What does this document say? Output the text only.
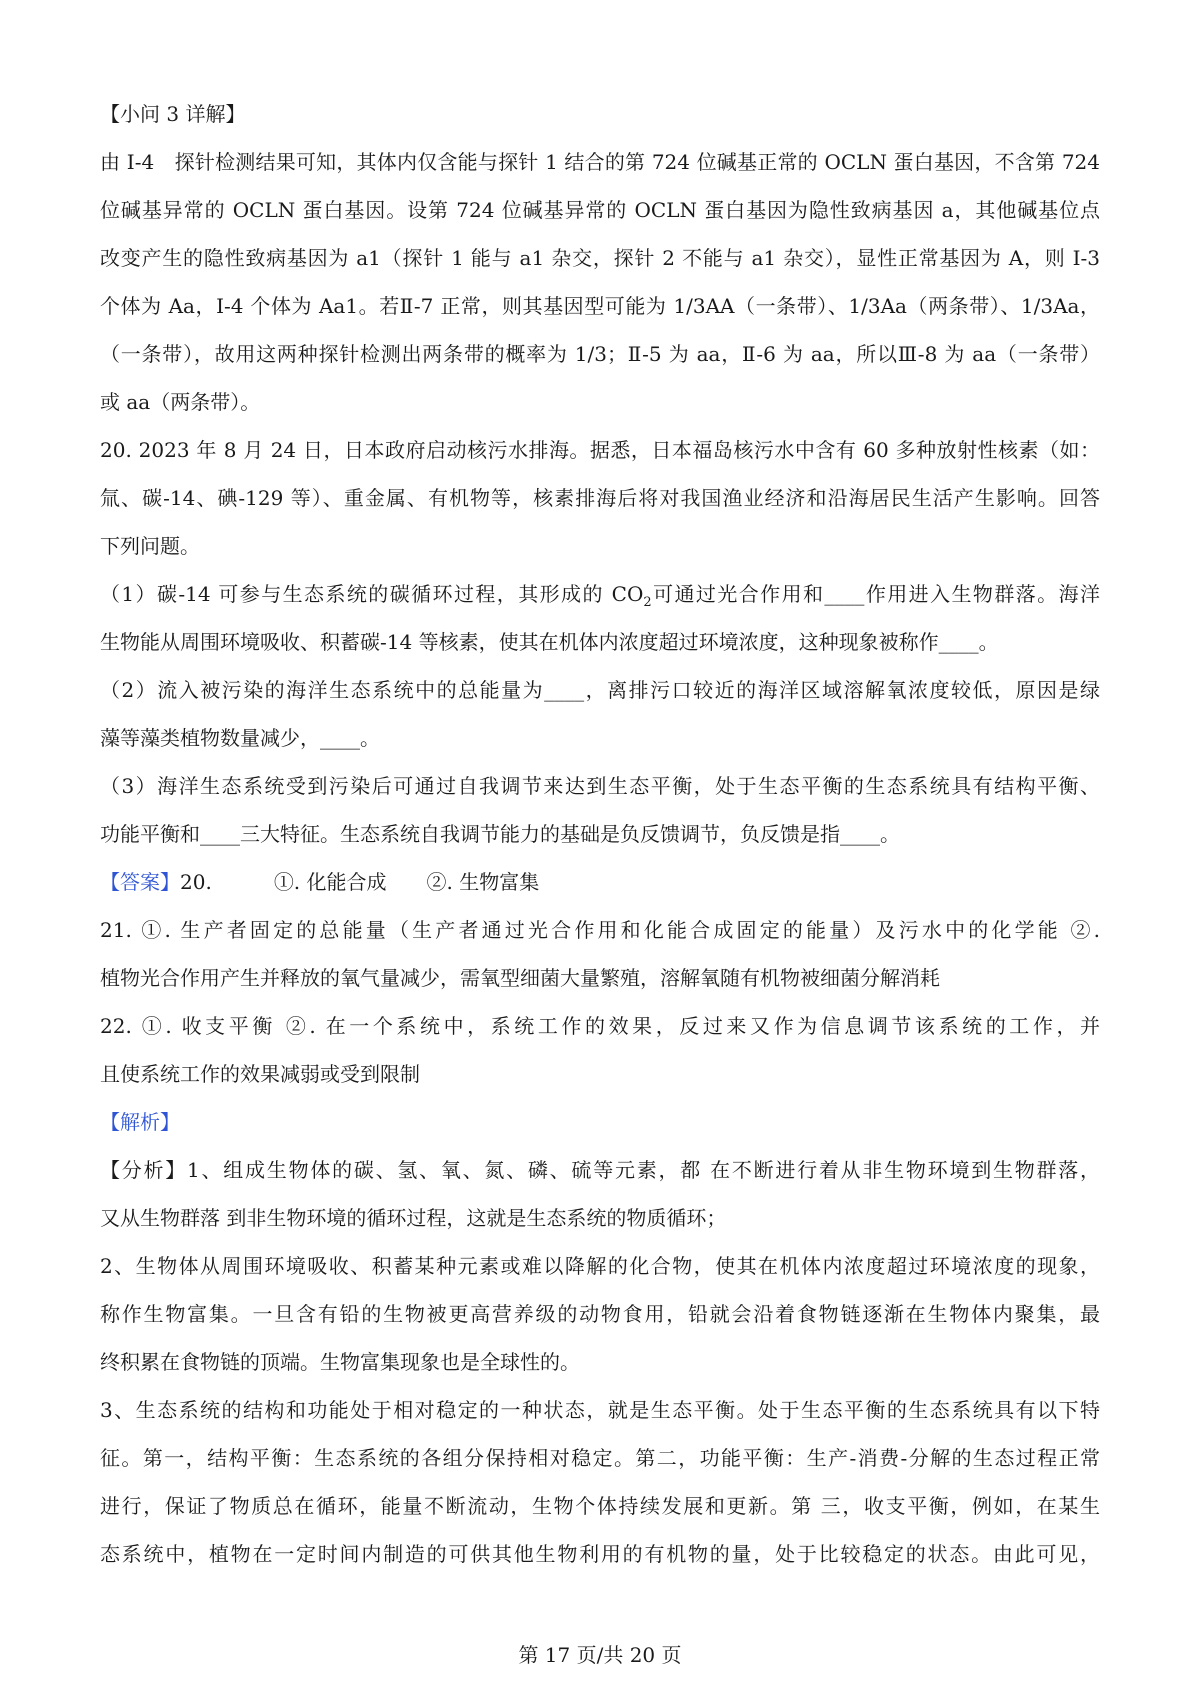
【小问 3 详解】
由 I-4　探针检测结果可知，其体内仅含能与探针 1 结合的第 724 位碱基正常的 OCLN 蛋白基因，不含第 724
位碱基异常的 OCLN 蛋白基因。设第 724 位碱基异常的 OCLN 蛋白基因为隐性致病基因 a，其他碱基位点
改变产生的隐性致病基因为 a1（探针 1 能与 a1 杂交，探针 2 不能与 a1 杂交），显性正常基因为 A，则 I-3
个体为 Aa，I-4 个体为 Aa1。若Ⅱ-7 正常，则其基因型可能为 1/3AA（一条带）、1/3Aa（两条带）、1/3Aa，
（一条带），故用这两种探针检测出两条带的概率为 1/3；Ⅱ-5 为 aa，Ⅱ-6 为 aa，所以Ⅲ-8 为 aa（一条带）
或 aa（两条带）。
20. 2023 年 8 月 24 日，日本政府启动核污水排海。据悉，日本福岛核污水中含有 60 多种放射性核素（如：
氚、碳-14、碘-129 等）、重金属、有机物等，核素排海后将对我国渔业经济和沿海居民生活产生影响。回答
下列问题。
（1）碳-14 可参与生态系统的碳循环过程，其形成的 $CO_2$可通过光合作用和____作用进入生物群落。海洋
生物能从周围环境吸收、积蓄碳-14 等核素，使其在机体内浓度超过环境浓度，这种现象被称作____。
（2）流入被污染的海洋生态系统中的总能量为____，离排污口较近的海洋区域溶解氧浓度较低，原因是绿
藻等藻类植物数量减少，____。
（3）海洋生态系统受到污染后可通过自我调节来达到生态平衡，处于生态平衡的生态系统具有结构平衡、
功能平衡和____三大特征。生态系统自我调节能力的基础是负反馈调节，负反馈是指____。
【答案】20.	①. 化能合成 ②. 生物富集
21. ①. 生产者固定的总能量（生产者通过光合作用和化能合成固定的能量）及污水中的化学能 ②.
植物光合作用产生并释放的氧气量减少，需氧型细菌大量繁殖，溶解氧随有机物被细菌分解消耗
22. ①. 收支平衡 ②. 在一个系统中，系统工作的效果，反过来又作为信息调节该系统的工作，并
且使系统工作的效果减弱或受到限制
【解析】
【分析】1、组成生物体的碳、氢、氧、氮、磷、硫等元素，都 在不断进行着从非生物环境到生物群落，
又从生物群落 到非生物环境的循环过程，这就是生态系统的物质循环；
2、生物体从周围环境吸收、积蓄某种元素或难以降解的化合物，使其在机体内浓度超过环境浓度的现象，
称作生物富集。一旦含有铅的生物被更高营养级的动物食用，铅就会沿着食物链逐渐在生物体内聚集，最
终积累在食物链的顶端。生物富集现象也是全球性的。
3、生态系统的结构和功能处于相对稳定的一种状态，就是生态平衡。处于生态平衡的生态系统具有以下特
征。第一，结构平衡：生态系统的各组分保持相对稳定。第二，功能平衡：生产-消费-分解的生态过程正常
进行，保证了物质总在循环，能量不断流动，生物个体持续发展和更新。第 三，收支平衡，例如，在某生
态系统中，植物在一定时间内制造的可供其他生物利用的有机物的量，处于比较稳定的状态。由此可见，
第 17 页/共 20 页
